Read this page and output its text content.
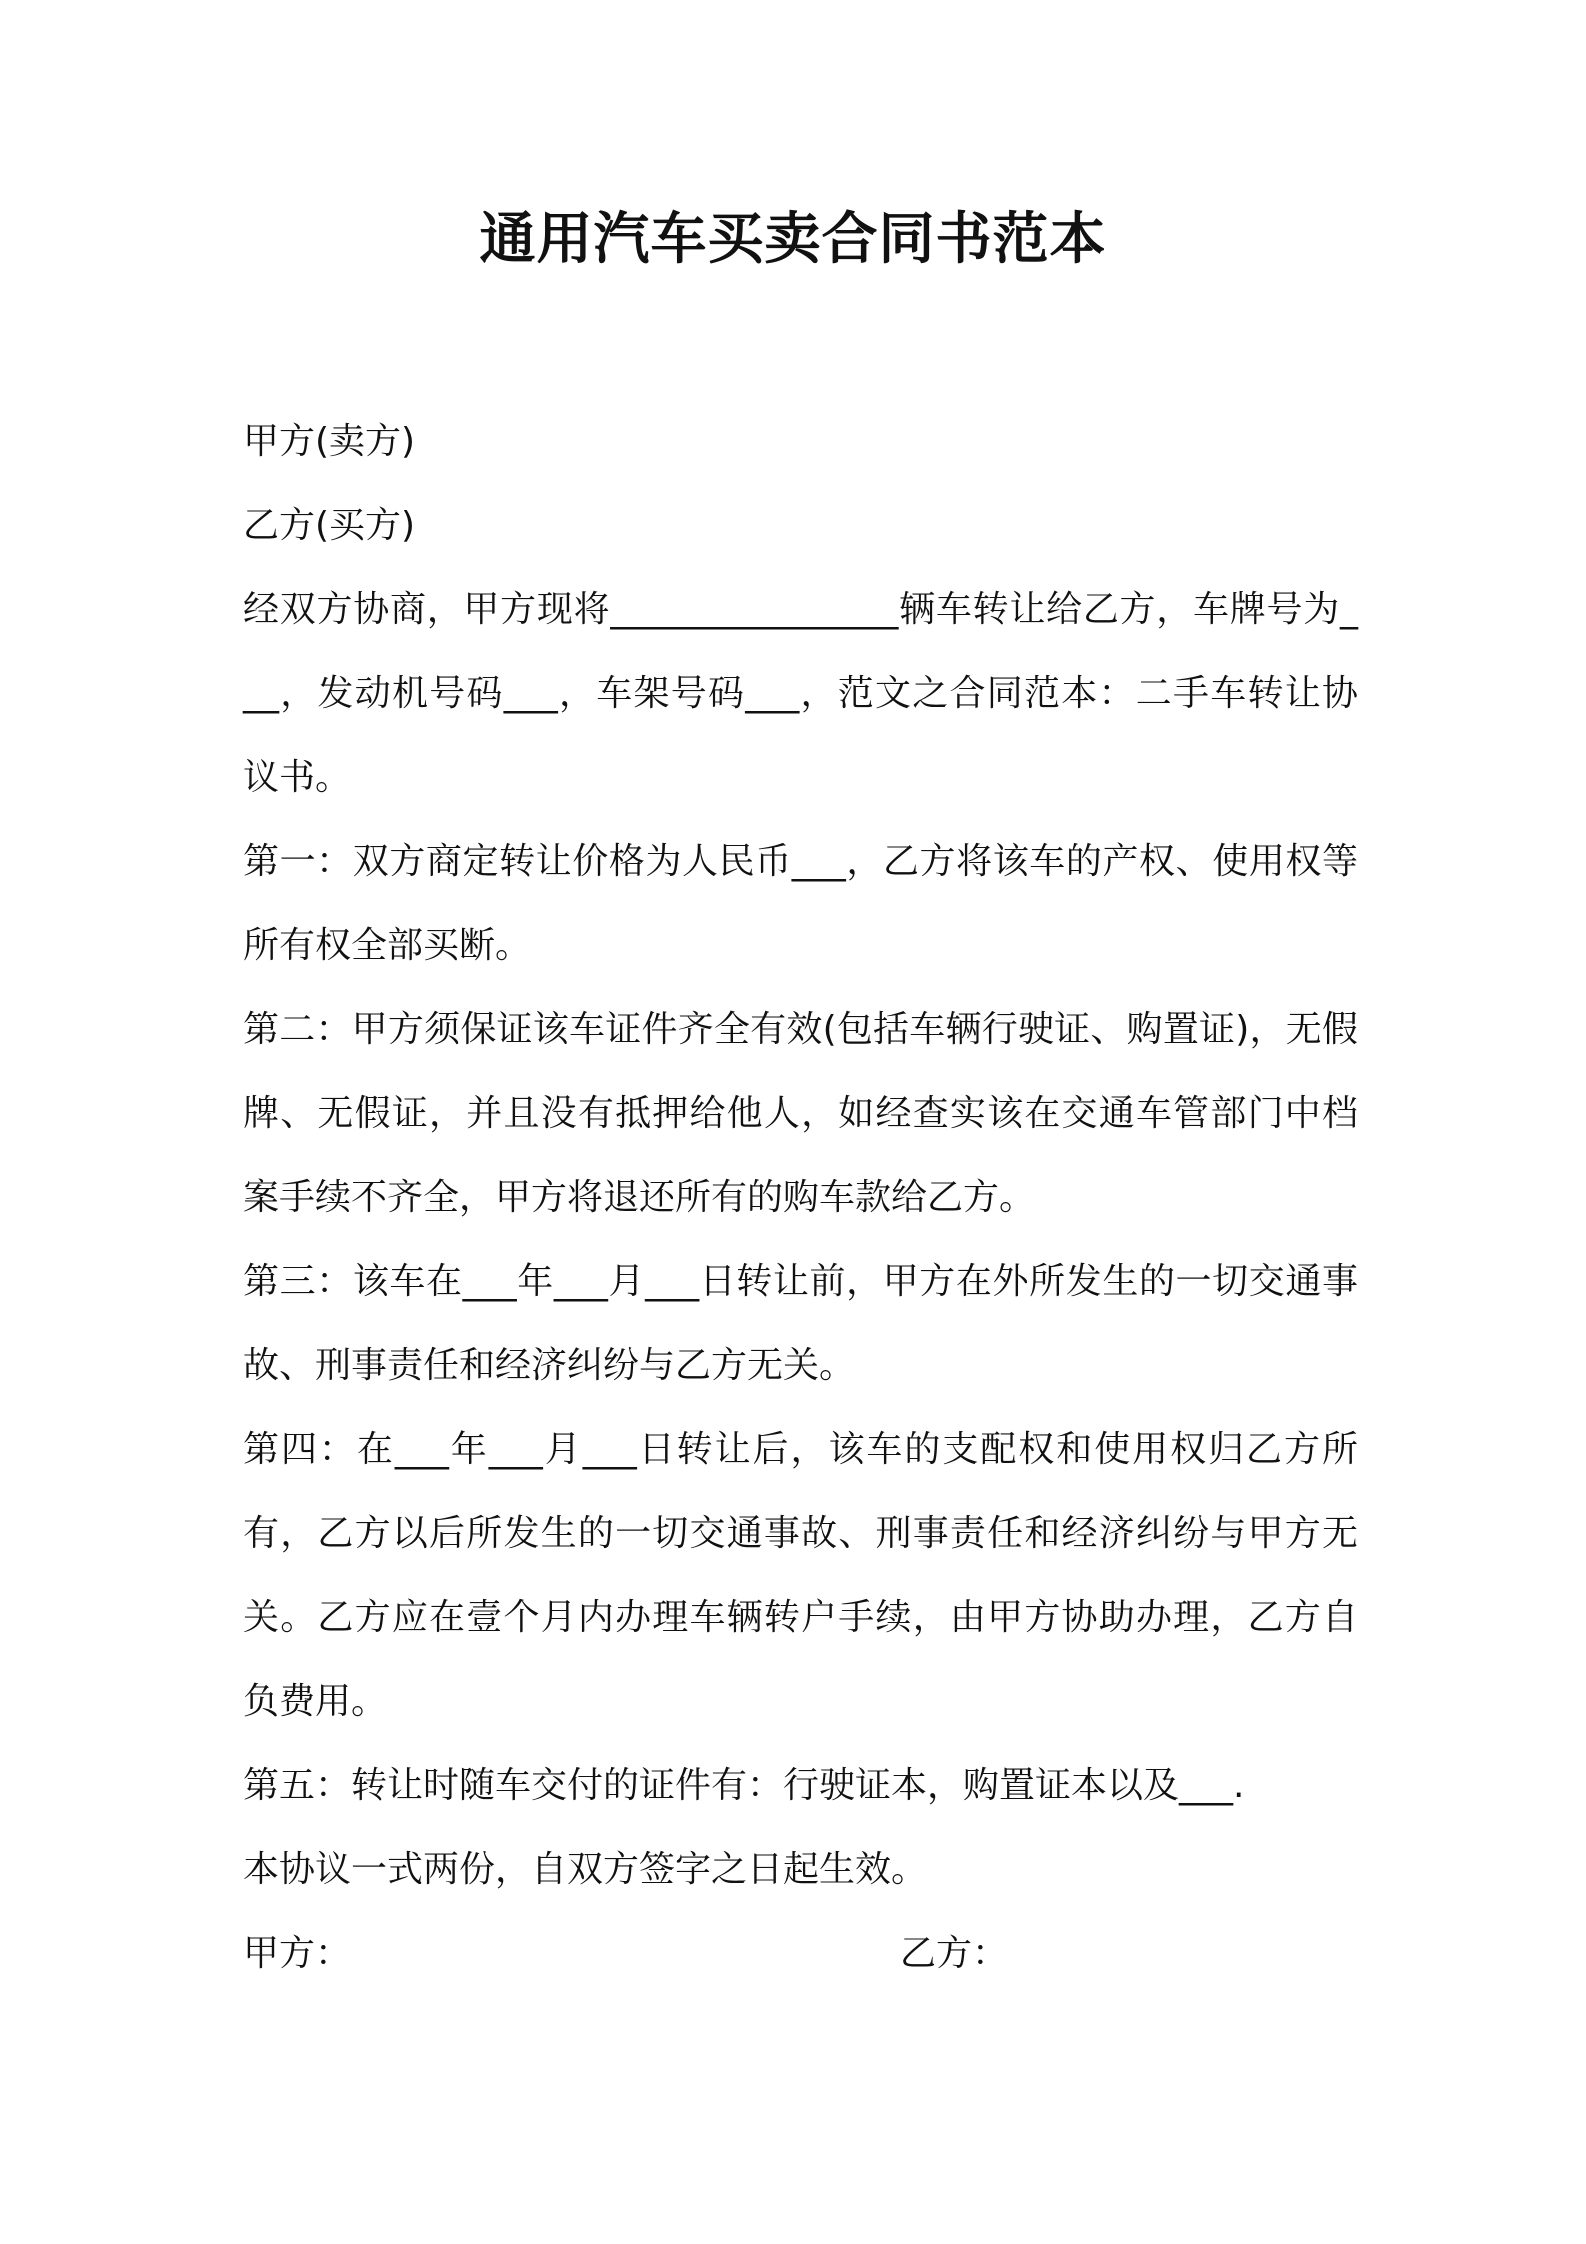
通用汽车买卖合同书范本

甲方(卖方)

乙方(买方)

经双方协商，甲方现将________________辆车转让给乙方，车牌号为___，发动机号码___，车架号码___，范文之合同范本：二手车转让协议书。

第一：双方商定转让价格为人民币___，乙方将该车的产权、使用权等所有权全部买断。

第二：甲方须保证该车证件齐全有效(包括车辆行驶证、购置证)，无假牌、无假证，并且没有抵押给他人，如经查实该在交通车管部门中档案手续不齐全，甲方将退还所有的购车款给乙方。

第三：该车在___年___月___日转让前，甲方在外所发生的一切交通事故、刑事责任和经济纠纷与乙方无关。

第四：在___年___月___日转让后，该车的支配权和使用权归乙方所有，乙方以后所发生的一切交通事故、刑事责任和经济纠纷与甲方无关。乙方应在壹个月内办理车辆转户手续，由甲方协助办理，乙方自负费用。

第五：转让时随车交付的证件有：行驶证本，购置证本以及___.

本协议一式两份，自双方签字之日起生效。

甲方：	乙方：
